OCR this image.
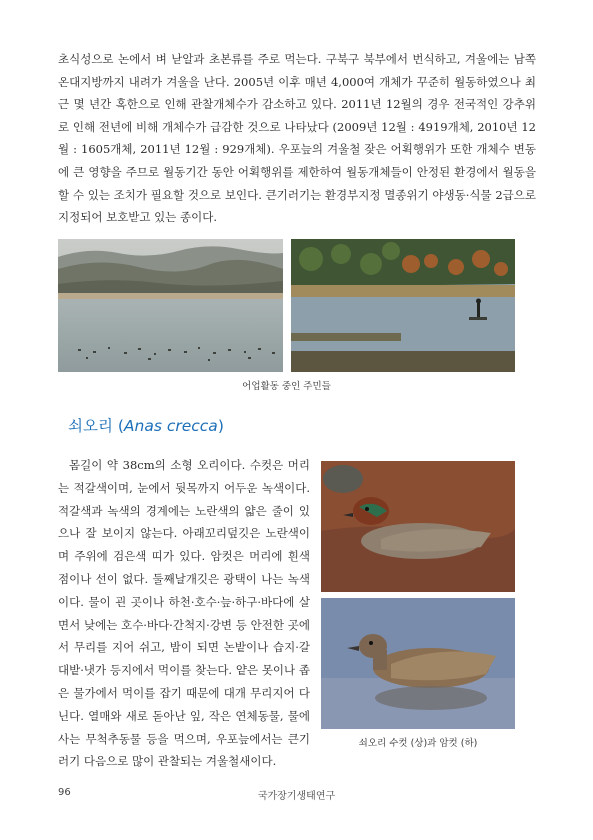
초식성으로 논에서 벼 낟알과 초본류를 주로 먹는다. 구북구 북부에서 번식하고, 겨울에는 남쪽 온대지방까지 내려가 겨울을 난다. 2005년 이후 매년 4,000여 개체가 꾸준히 월동하였으나 최근 몇 년간 혹한으로 인해 관찰개체수가 감소하고 있다. 2011년 12월의 경우 전국적인 강추위로 인해 전년에 비해 개체수가 급감한 것으로 나타났다 (2009년 12월 : 4919개체, 2010년 12월 : 1605개체, 2011년 12월 : 929개체). 우포늪의 겨울철 잦은 어획행위가 또한 개체수 변동에 큰 영향을 주므로 월동기간 동안 어획행위를 제한하여 월동개체들이 안정된 환경에서 월동을 할 수 있는 조치가 필요할 것으로 보인다. 큰기러기는 환경부지정 멸종위기 야생동·식물 2급으로 지정되어 보호받고 있는 종이다.

어업활동 중인 주민들
쇠오리 (Anas crecca)

몸길이 약 38cm의 소형 오리이다. 수컷은 머리는 적갈색이며, 눈에서 뒷목까지 어두운 녹색이다. 적갈색과 녹색의 경계에는 노란색의 얇은 줄이 있으나 잘 보이지 않는다. 아래꼬리덮깃은 노란색이며 주위에 검은색 띠가 있다. 암컷은 머리에 흰색 점이나 선이 없다. 둘째날개깃은 광택이 나는 녹색이다. 물이 괸 곳이나 하천·호수·늪·하구·바다에 살면서 낮에는 호수·바다·간척지·강변 등 안전한 곳에서 무리를 지어 쉬고, 밤이 되면 논밭이나 습지·갈대밭·냇가 등지에서 먹이를 찾는다. 얕은 못이나 좁은 물가에서 먹이를 잡기 때문에 대개 무리지어 다닌다. 열매와 새로 돋아난 잎, 작은 연체동물, 물에 사는 무척추동물 등을 먹으며, 우포늪에서는 큰기러기 다음으로 많이 관찰되는 겨울철새이다.

쇠오리 수컷 (상)과 암컷 (하)
96	국가장기생태연구
